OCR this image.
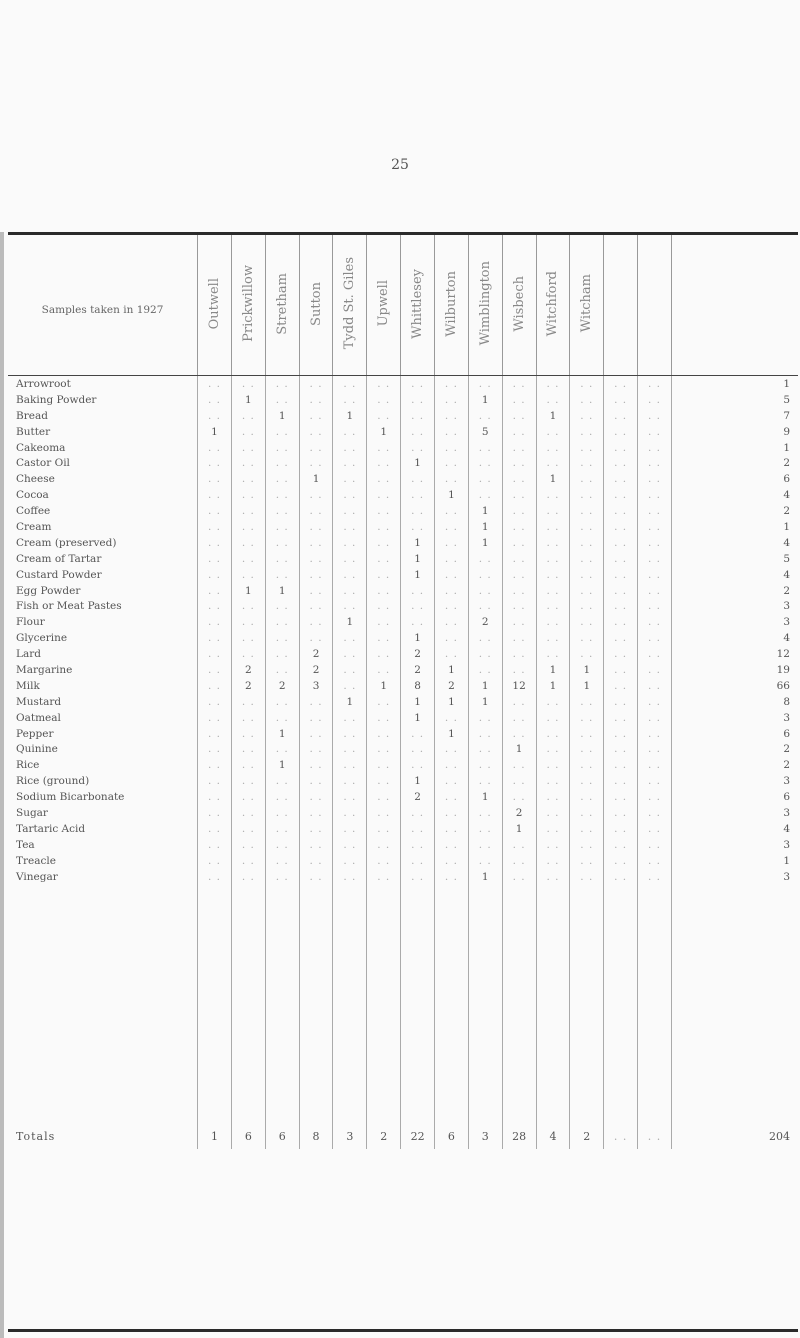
25
Samples taken in 1927	Outwell	Prickwillow	Stretham	Sutton	Tydd St. Giles	Upwell	Whittlesey	Wilburton	Wimblington	Wisbech	Witchford	Witcham			
Arrowroot	. .	. .	. .	. .	. .	. .	. .	. .	. .	. .	. .	. .	. .	. .	1
Baking Powder	. .	1	. .	. .	. .	. .	. .	. .	1	. .	. .	. .	. .	. .	5
Bread	. .	. .	1	. .	1	. .	. .	. .	. .	. .	1	. .	. .	. .	7
Butter	1	. .	. .	. .	. .	1	. .	. .	5	. .	. .	. .	. .	. .	9
Cakeoma	. .	. .	. .	. .	. .	. .	. .	. .	. .	. .	. .	. .	. .	. .	1
Castor Oil	. .	. .	. .	. .	. .	. .	1	. .	. .	. .	. .	. .	. .	. .	2
Cheese	. .	. .	. .	1	. .	. .	. .	. .	. .	. .	1	. .	. .	. .	6
Cocoa	. .	. .	. .	. .	. .	. .	. .	1	. .	. .	. .	. .	. .	. .	4
Coffee	. .	. .	. .	. .	. .	. .	. .	. .	1	. .	. .	. .	. .	. .	2
Cream	. .	. .	. .	. .	. .	. .	. .	. .	1	. .	. .	. .	. .	. .	1
Cream (preserved)	. .	. .	. .	. .	. .	. .	1	. .	1	. .	. .	. .	. .	. .	4
Cream of Tartar	. .	. .	. .	. .	. .	. .	1	. .	. .	. .	. .	. .	. .	. .	5
Custard Powder	. .	. .	. .	. .	. .	. .	1	. .	. .	. .	. .	. .	. .	. .	4
Egg Powder	. .	1	1	. .	. .	. .	. .	. .	. .	. .	. .	. .	. .	. .	2
Fish or Meat Pastes	. .	. .	. .	. .	. .	. .	. .	. .	. .	. .	. .	. .	. .	. .	3
Flour	. .	. .	. .	. .	1	. .	. .	. .	2	. .	. .	. .	. .	. .	3
Glycerine	. .	. .	. .	. .	. .	. .	1	. .	. .	. .	. .	. .	. .	. .	4
Lard	. .	. .	. .	2	. .	. .	2	. .	. .	. .	. .	. .	. .	. .	12
Margarine	. .	2	. .	2	. .	. .	2	1	. .	. .	1	1	. .	. .	19
Milk	. .	2	2	3	. .	1	8	2	1	12	1	1	. .	. .	66
Mustard	. .	. .	. .	. .	1	. .	1	1	1	. .	. .	. .	. .	. .	8
Oatmeal	. .	. .	. .	. .	. .	. .	1	. .	. .	. .	. .	. .	. .	. .	3
Pepper	. .	. .	1	. .	. .	. .	. .	1	. .	. .	. .	. .	. .	. .	6
Quinine	. .	. .	. .	. .	. .	. .	. .	. .	. .	1	. .	. .	. .	. .	2
Rice	. .	. .	1	. .	. .	. .	. .	. .	. .	. .	. .	. .	. .	. .	2
Rice (ground)	. .	. .	. .	. .	. .	. .	1	. .	. .	. .	. .	. .	. .	. .	3
Sodium Bicarbonate	. .	. .	. .	. .	. .	. .	2	. .	1	. .	. .	. .	. .	. .	6
Sugar	. .	. .	. .	. .	. .	. .	. .	. .	. .	2	. .	. .	. .	. .	3
Tartaric Acid	. .	. .	. .	. .	. .	. .	. .	. .	. .	1	. .	. .	. .	. .	4
Tea	. .	. .	. .	. .	. .	. .	. .	. .	. .	. .	. .	. .	. .	. .	3
Treacle	. .	. .	. .	. .	. .	. .	. .	. .	. .	. .	. .	. .	. .	. .	1
Vinegar	. .	. .	. .	. .	. .	. .	. .	. .	1	. .	. .	. .	. .	. .	3

Totals	1	6	6	8	3	2	22	6	3	28	4	2	. .	. .	204
